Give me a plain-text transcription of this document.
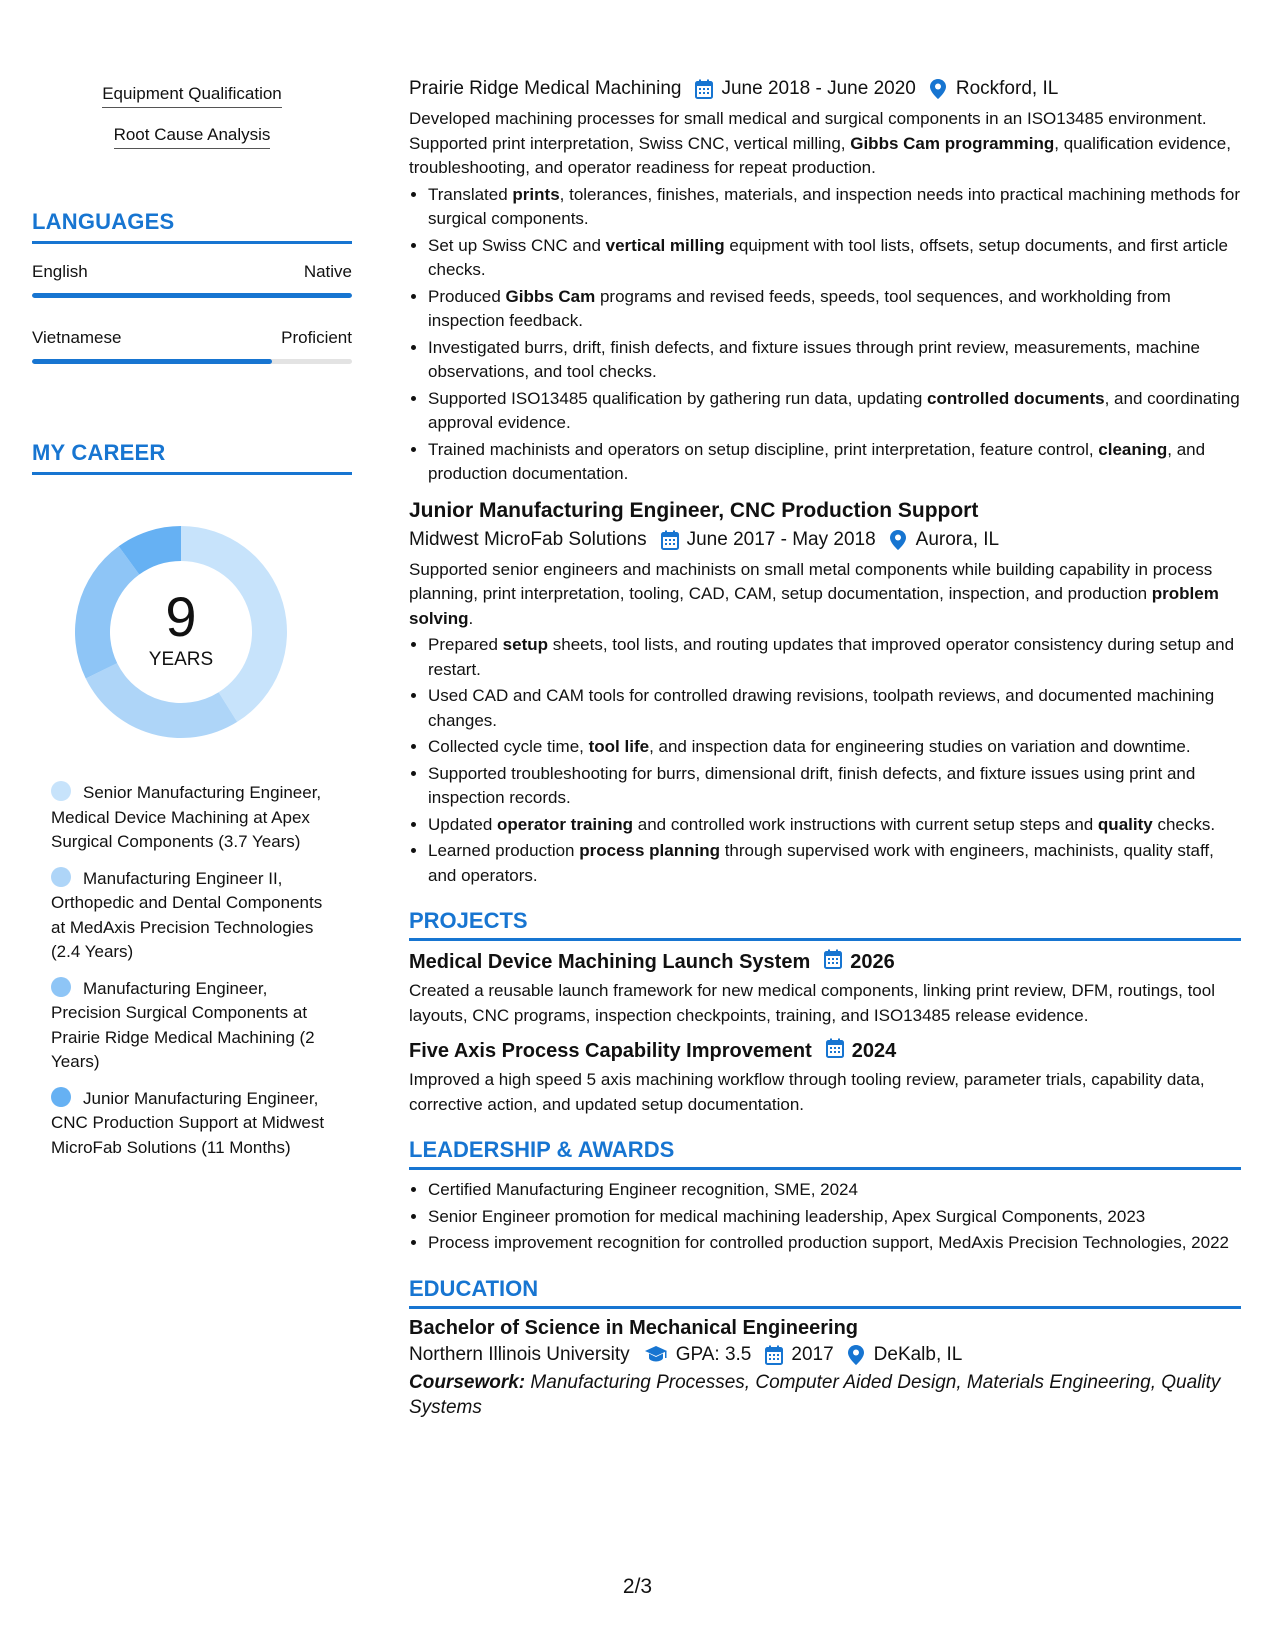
Equipment Qualification
Root Cause Analysis
LANGUAGES
English	Native
Vietnamese	Proficient
MY CAREER
9
YEARS
Senior Manufacturing Engineer, Medical Device Machining at Apex Surgical Components (3.7 Years)
Manufacturing Engineer II, Orthopedic and Dental Components at MedAxis Precision Technologies (2.4 Years)
Manufacturing Engineer, Precision Surgical Components at Prairie Ridge Medical Machining (2 Years)
Junior Manufacturing Engineer, CNC Production Support at Midwest MicroFab Solutions (11 Months)
Prairie Ridge Medical Machining June 2018 - June 2020 Rockford, IL
Developed machining processes for small medical and surgical components in an ISO13485 environment. Supported print interpretation, Swiss CNC, vertical milling, Gibbs Cam programming, qualification evidence, troubleshooting, and operator readiness for repeat production.
• Translated prints, tolerances, finishes, materials, and inspection needs into practical machining methods for surgical components.
• Set up Swiss CNC and vertical milling equipment with tool lists, offsets, setup documents, and first article checks.
• Produced Gibbs Cam programs and revised feeds, speeds, tool sequences, and workholding from inspection feedback.
• Investigated burrs, drift, finish defects, and fixture issues through print review, measurements, machine observations, and tool checks.
• Supported ISO13485 qualification by gathering run data, updating controlled documents, and coordinating approval evidence.
• Trained machinists and operators on setup discipline, print interpretation, feature control, cleaning, and production documentation.
Junior Manufacturing Engineer, CNC Production Support
Midwest MicroFab Solutions June 2017 - May 2018 Aurora, IL
Supported senior engineers and machinists on small metal components while building capability in process planning, print interpretation, tooling, CAD, CAM, setup documentation, inspection, and production problem solving.
• Prepared setup sheets, tool lists, and routing updates that improved operator consistency during setup and restart.
• Used CAD and CAM tools for controlled drawing revisions, toolpath reviews, and documented machining changes.
• Collected cycle time, tool life, and inspection data for engineering studies on variation and downtime.
• Supported troubleshooting for burrs, dimensional drift, finish defects, and fixture issues using print and inspection records.
• Updated operator training and controlled work instructions with current setup steps and quality checks.
• Learned production process planning through supervised work with engineers, machinists, quality staff, and operators.
PROJECTS
Medical Device Machining Launch System 2026
Created a reusable launch framework for new medical components, linking print review, DFM, routings, tool layouts, CNC programs, inspection checkpoints, training, and ISO13485 release evidence.
Five Axis Process Capability Improvement 2024
Improved a high speed 5 axis machining workflow through tooling review, parameter trials, capability data, corrective action, and updated setup documentation.
LEADERSHIP & AWARDS
• Certified Manufacturing Engineer recognition, SME, 2024
• Senior Engineer promotion for medical machining leadership, Apex Surgical Components, 2023
• Process improvement recognition for controlled production support, MedAxis Precision Technologies, 2022
EDUCATION
Bachelor of Science in Mechanical Engineering
Northern Illinois University GPA: 3.5 2017 DeKalb, IL
Coursework: Manufacturing Processes, Computer Aided Design, Materials Engineering, Quality Systems
2/3
